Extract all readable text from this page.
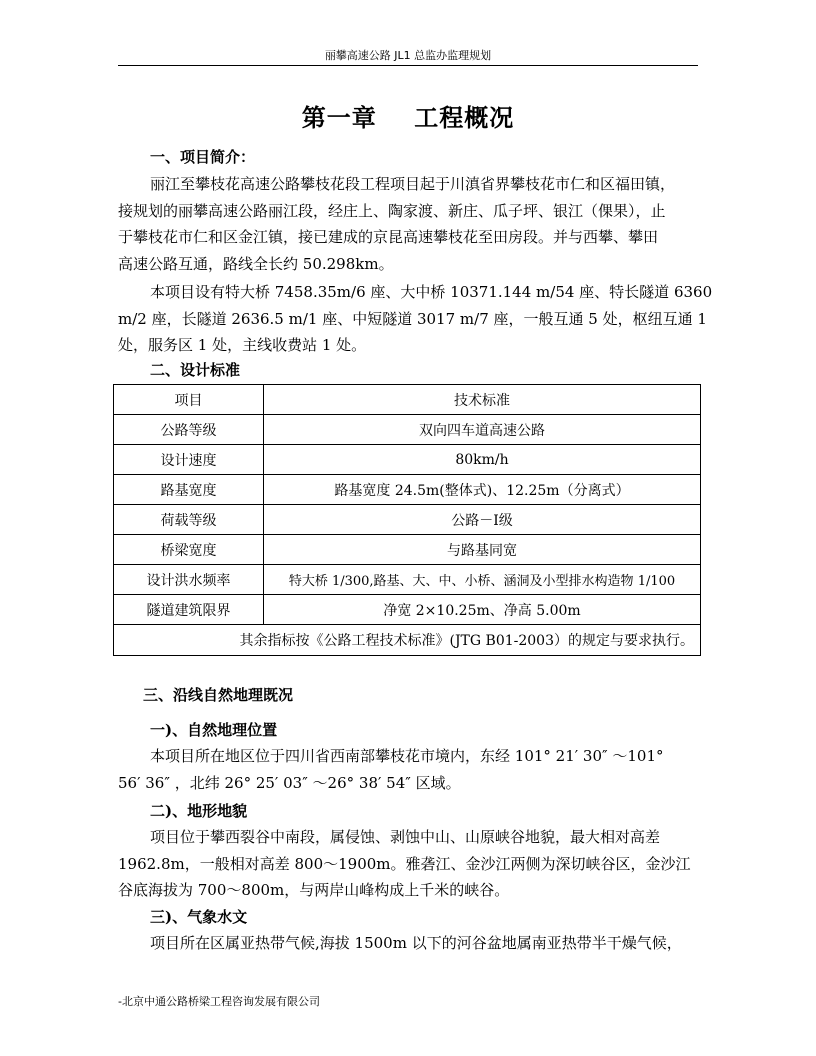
丽攀高速公路 JL1 总监办监理规划
第一章    工程概况
一、项目简介：
丽江至攀枝花高速公路攀枝花段工程项目起于川滇省界攀枝花市仁和区福田镇，
接规划的丽攀高速公路丽江段，经庄上、陶家渡、新庄、瓜子坪、银江（倮果），止
于攀枝花市仁和区金江镇，接已建成的京昆高速攀枝花至田房段。并与西攀、攀田
高速公路互通，路线全长约 50.298km。
本项目设有特大桥 7458.35m/6 座、大中桥 10371.144 m/54 座、特长隧道 6360
m/2 座，长隧道 2636.5 m/1 座、中短隧道 3017 m/7 座，一般互通 5 处，枢纽互通 1
处，服务区 1 处，主线收费站 1 处。
二、设计标准
项目	技术标准
公路等级	双向四车道高速公路
设计速度	80km/h
路基宽度	路基宽度 24.5m(整体式)、12.25m（分离式）
荷载等级	公路－Ⅰ级
桥梁宽度	与路基同宽
设计洪水频率	特大桥 1/300,路基、大、中、小桥、涵洞及小型排水构造物 1/100
隧道建筑限界	净宽 2×10.25m、净高 5.00m
其余指标按《公路工程技术标准》(JTG B01-2003）的规定与要求执行。	
三、沿线自然地理既况
一)、自然地理位置
本项目所在地区位于四川省西南部攀枝花市境内，东经 101° 21′ 30″ ～101°
56′ 36″ ，北纬 26° 25′ 03″ ～26° 38′ 54″ 区域。
二)、地形地貌
项目位于攀西裂谷中南段，属侵蚀、剥蚀中山、山原峡谷地貌，最大相对高差
1962.8m，一般相对高差 800～1900m。雅砻江、金沙江两侧为深切峡谷区，金沙江
谷底海拔为 700～800m，与两岸山峰构成上千米的峡谷。
三)、气象水文
项目所在区属亚热带气候,海拔 1500m 以下的河谷盆地属南亚热带半干燥气候，
-北京中通公路桥梁工程咨询发展有限公司
